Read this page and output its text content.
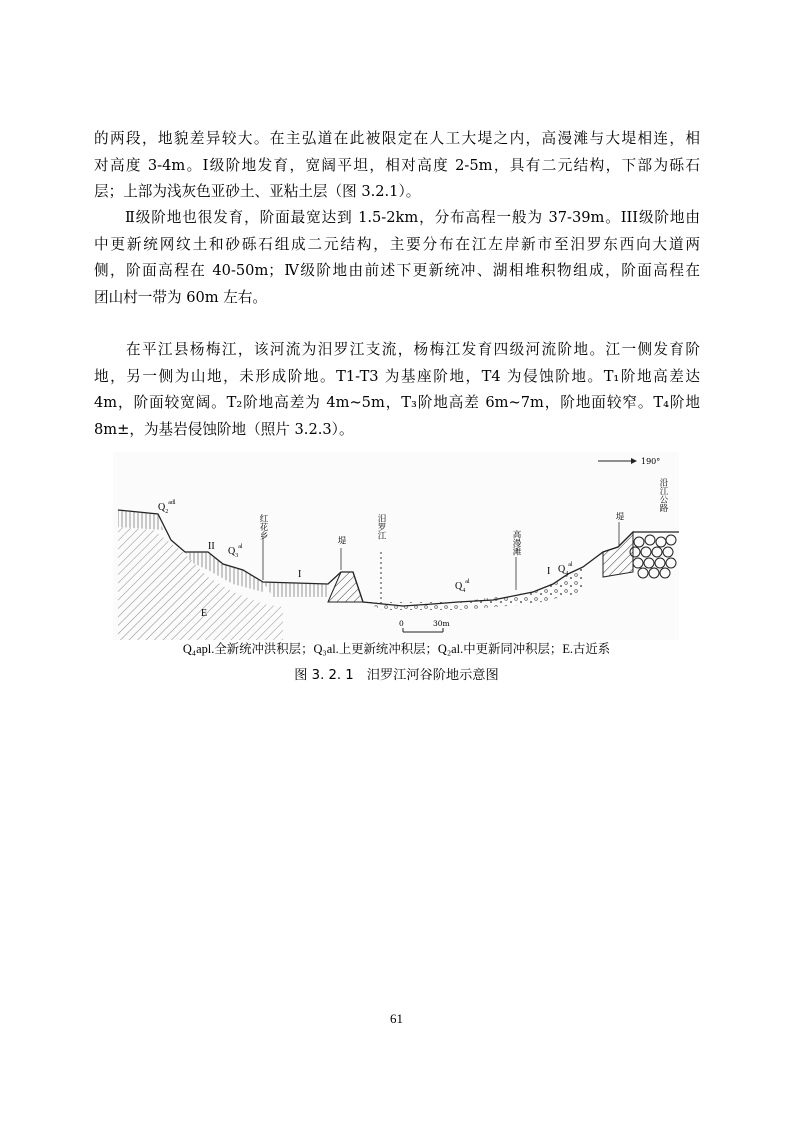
的两段，地貌差异较大。在主弘道在此被限定在人工大堤之内，高漫滩与大堤相连，相
对高度 3-4m。Ⅰ级阶地发育，宽阔平坦，相对高度 2-5m，具有二元结构，下部为砾石
层；上部为浅灰色亚砂土、亚粘土层（图 3.2.1）。
　　Ⅱ级阶地也很发育，阶面最宽达到 1.5-2km，分布高程一般为 37-39m。III级阶地由
中更新统网纹土和砂砾石组成二元结构，主要分布在江左岸新市至汨罗东西向大道两
侧，阶面高程在 40-50m；Ⅳ级阶地由前述下更新统冲、湖相堆积物组成，阶面高程在
团山村一带为 60m 左右。
　　在平江县杨梅江，该河流为汨罗江支流，杨梅江发育四级河流阶地。江一侧发育阶
地，另一侧为山地，未形成阶地。T1-T3 为基座阶地，T4 为侵蚀阶地。T₁阶地高差达
4m，阶面较宽阔。T₂阶地高差为 4m~5m，T₃阶地高差 6m~7m，阶地面较窄。T₄阶地
8m±，为基岩侵蚀阶地（照片 3.2.3）。
190°
沿江公路
堤
高漫滩
汨罗江
堤
红花乡
$Q_2^{adl}$
II $Q_3^{al}$
I	I $Q_4^{al}$
$Q_4^{al}$
E
0	30m
Q₄apl.全新统冲洪积层；Q₃al.上更新统冲积层；Q₂al.中更新同冲积层；E.古近系
图 3. 2. 1　汨罗江河谷阶地示意图
61
